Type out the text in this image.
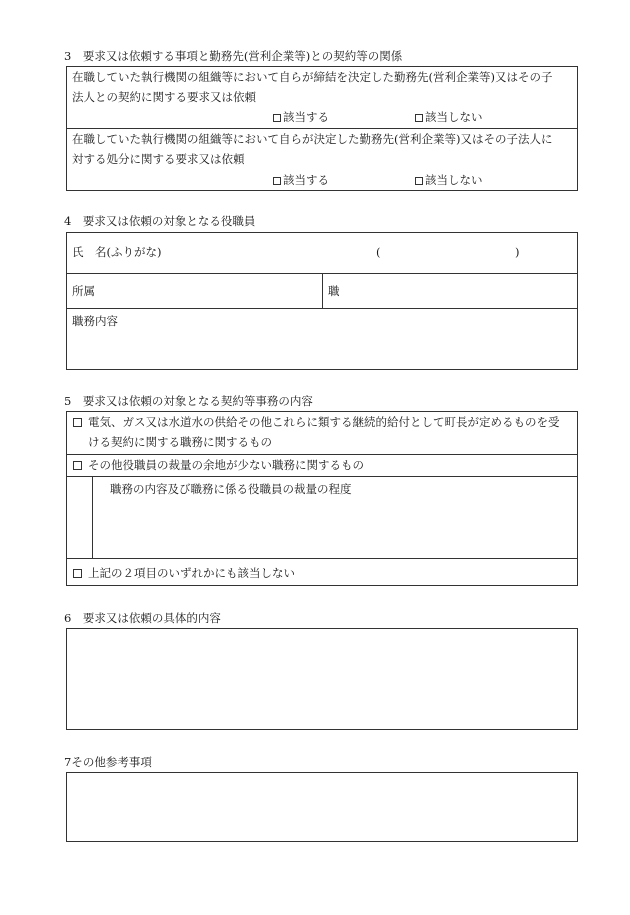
3　要求又は依頼する事項と勤務先(営利企業等)との契約等の関係
在職していた執行機関の組織等において自らが締結を決定した勤務先(営利企業等)又はその子
法人との契約に関する要求又は依頼
該当する	該当しない
在職していた執行機関の組織等において自らが決定した勤務先(営利企業等)又はその子法人に
対する処分に関する要求又は依頼
該当する	該当しない
4　要求又は依頼の対象となる役職員
氏　名(ふりがな)	(	)
所属	職
職務内容
5　要求又は依頼の対象となる契約等事務の内容
電気、ガス又は水道水の供給その他これらに類する継続的給付として町長が定めるものを受
ける契約に関する職務に関するもの
その他役職員の裁量の余地が少ない職務に関するもの
職務の内容及び職務に係る役職員の裁量の程度
上記の２項目のいずれかにも該当しない
6　要求又は依頼の具体的内容
7その他参考事項
